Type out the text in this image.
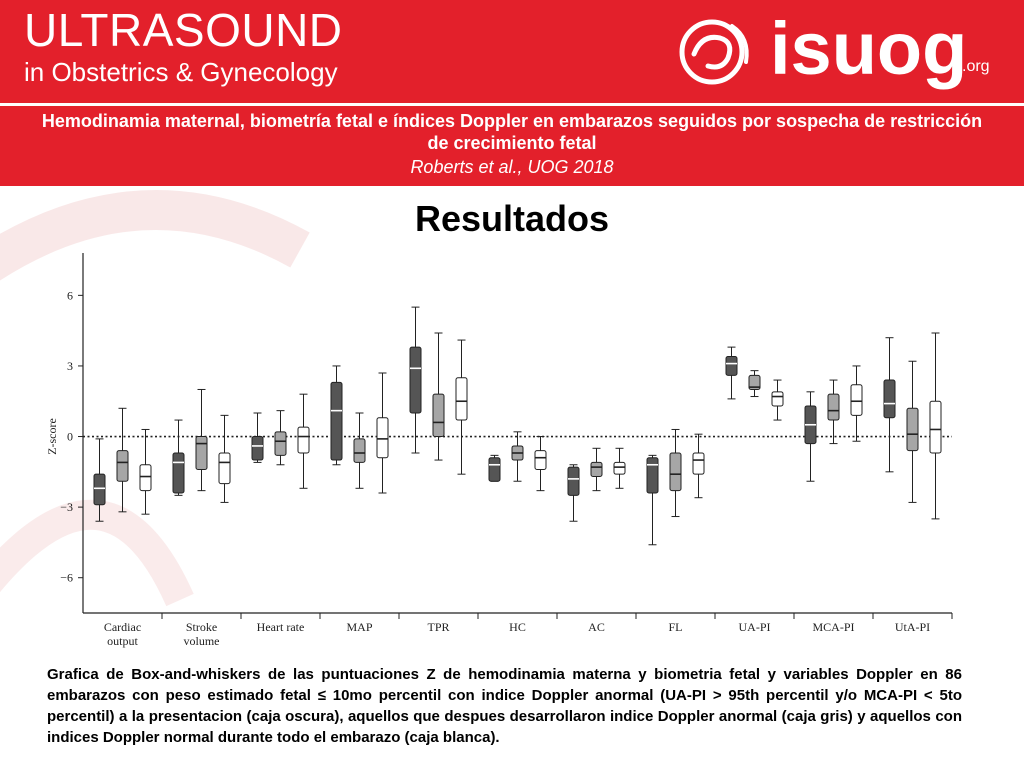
ULTRASOUND
in Obstetrics & Gynecology	isuog
.org
Hemodinamia maternal, biometría fetal e índices Doppler en embarazos seguidos por sospecha de restricción de crecimiento fetal
Roberts et al., UOG 2018
Resultados
6
3
0
−3
−6
Z-score
Cardiac
output
Stroke
volume
Heart rate	MAP	TPR	HC	AC	FL	UA-PI	MCA-PI	UtA-PI
Grafica de Box-and-whiskers de las puntuaciones Z de hemodinamia materna y biometria fetal y variables Doppler en 86 embarazos con peso estimado fetal ≤ 10mo percentil con indice Doppler anormal (UA-PI > 95th percentil y/o MCA-PI < 5to percentil) a la presentacion (caja oscura), aquellos que despues desarrollaron indice Doppler anormal (caja gris) y aquellos con indices Doppler normal durante todo el embarazo (caja blanca).
